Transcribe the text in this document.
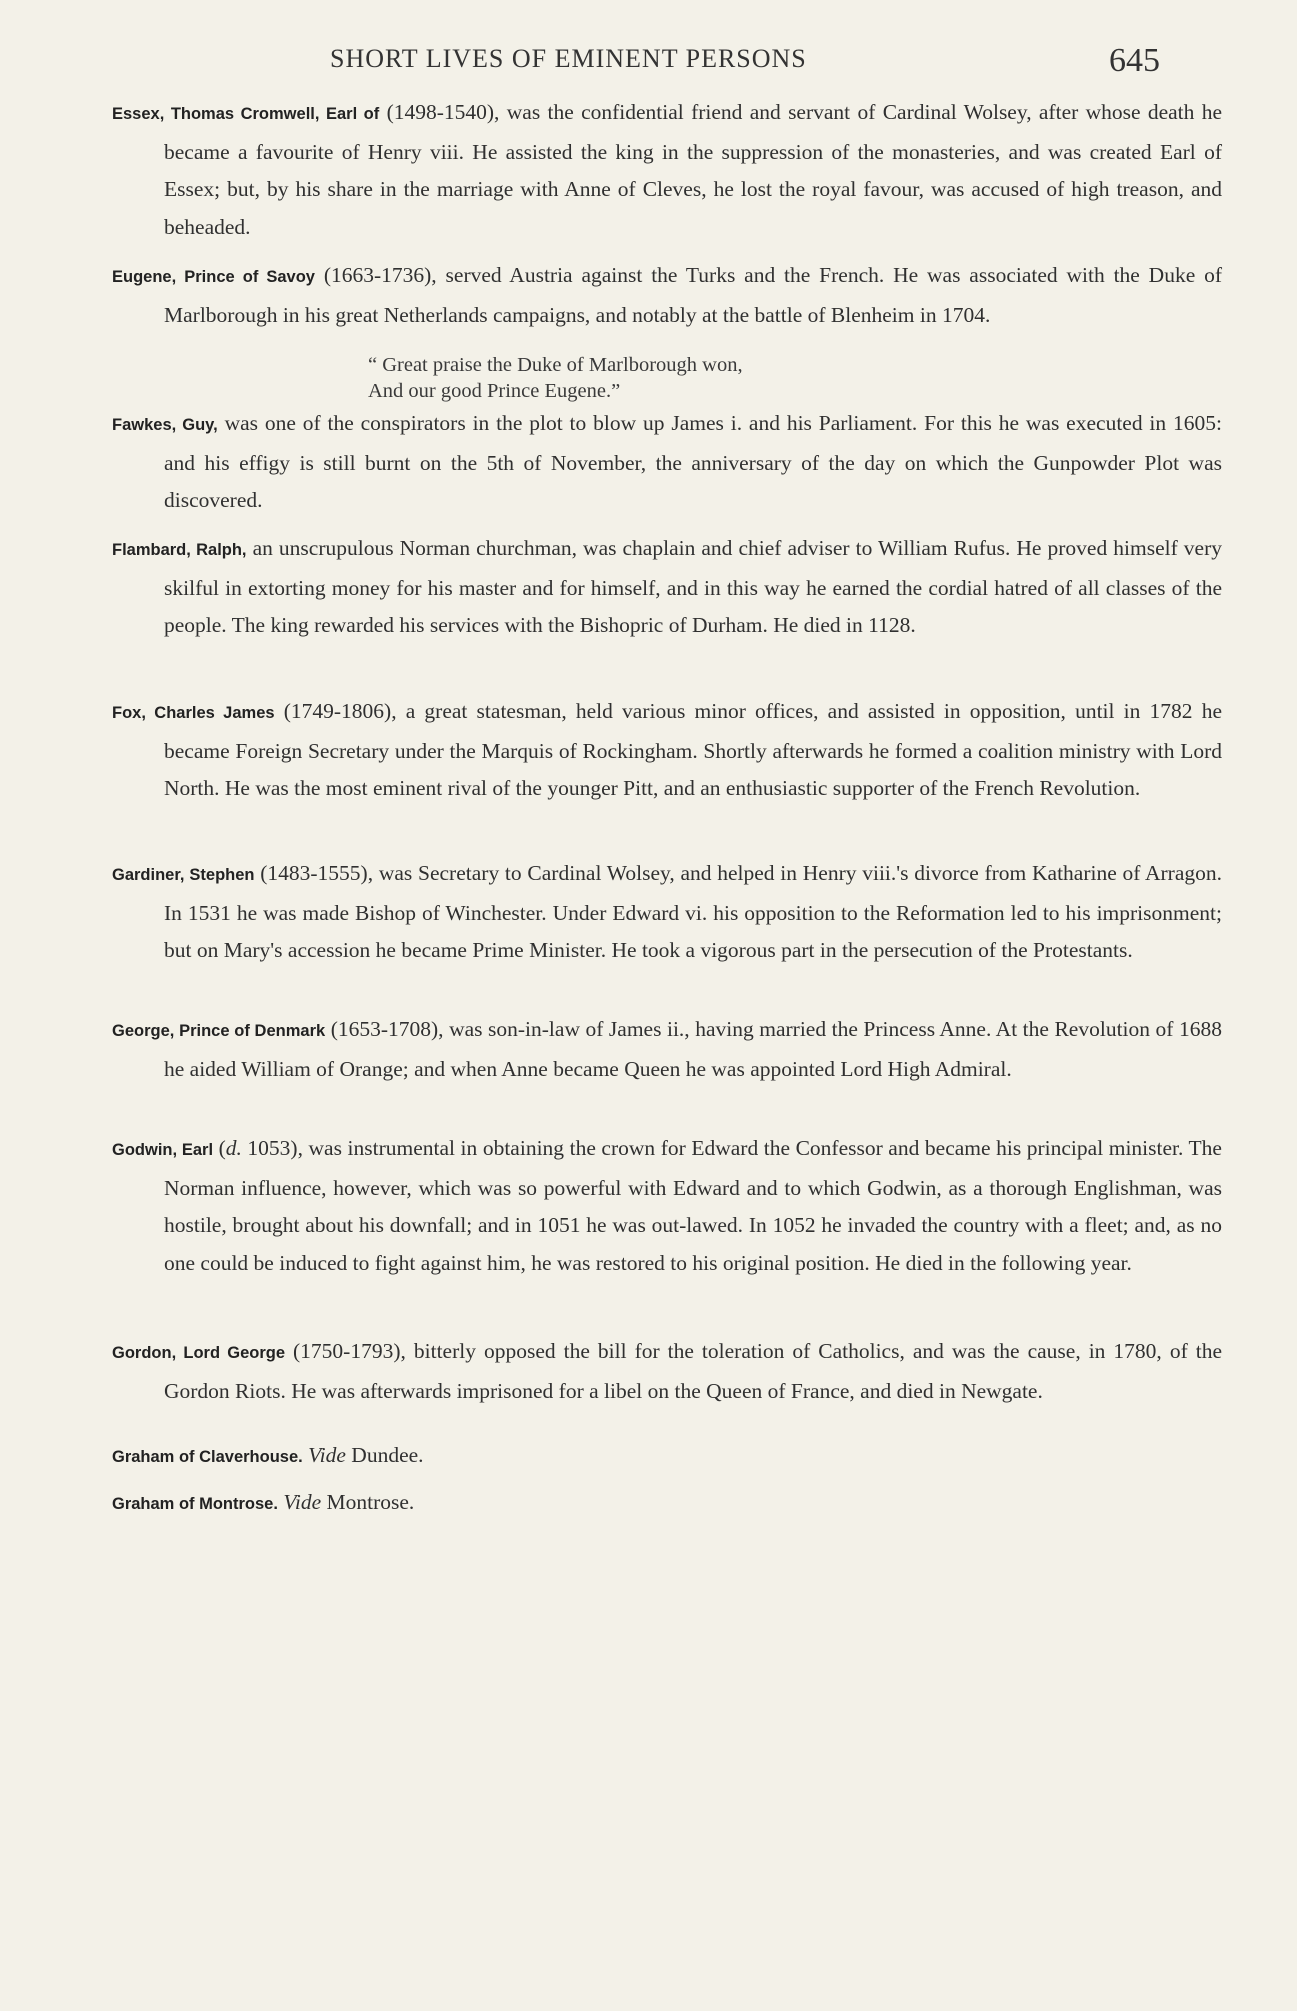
SHORT LIVES OF EMINENT PERSONS	645
Essex, Thomas Cromwell, Earl of (1498-1540), was the confidential friend and servant of Cardinal Wolsey, after whose death he became a favourite of Henry viii. He assisted the king in the suppression of the monasteries, and was created Earl of Essex; but, by his share in the marriage with Anne of Cleves, he lost the royal favour, was accused of high treason, and beheaded.
Eugene, Prince of Savoy (1663-1736), served Austria against the Turks and the French. He was associated with the Duke of Marlborough in his great Netherlands campaigns, and notably at the battle of Blenheim in 1704.
“ Great praise the Duke of Marlborough won,
And our good Prince Eugene.”
Fawkes, Guy, was one of the conspirators in the plot to blow up James i. and his Parliament. For this he was executed in 1605: and his effigy is still burnt on the 5th of November, the anniversary of the day on which the Gunpowder Plot was discovered.
Flambard, Ralph, an unscrupulous Norman churchman, was chaplain and chief adviser to William Rufus. He proved himself very skilful in extorting money for his master and for himself, and in this way he earned the cordial hatred of all classes of the people. The king rewarded his services with the Bishopric of Durham. He died in 1128.
Fox, Charles James (1749-1806), a great statesman, held various minor offices, and assisted in opposition, until in 1782 he became Foreign Secretary under the Marquis of Rockingham. Shortly afterwards he formed a coalition ministry with Lord North. He was the most eminent rival of the younger Pitt, and an enthusiastic supporter of the French Revolution.
Gardiner, Stephen (1483-1555), was Secretary to Cardinal Wolsey, and helped in Henry viii.'s divorce from Katharine of Arragon. In 1531 he was made Bishop of Winchester. Under Edward vi. his opposition to the Reformation led to his imprisonment; but on Mary's accession he became Prime Minister. He took a vigorous part in the persecution of the Protestants.
George, Prince of Denmark (1653-1708), was son-in-law of James ii., having married the Princess Anne. At the Revolution of 1688 he aided William of Orange; and when Anne became Queen he was appointed Lord High Admiral.
Godwin, Earl (d. 1053), was instrumental in obtaining the crown for Edward the Confessor and became his principal minister. The Norman influence, however, which was so powerful with Edward and to which Godwin, as a thorough Englishman, was hostile, brought about his downfall; and in 1051 he was out-lawed. In 1052 he invaded the country with a fleet; and, as no one could be induced to fight against him, he was restored to his original position. He died in the following year.
Gordon, Lord George (1750-1793), bitterly opposed the bill for the toleration of Catholics, and was the cause, in 1780, of the Gordon Riots. He was afterwards imprisoned for a libel on the Queen of France, and died in Newgate.
Graham of Claverhouse. Vide Dundee.
Graham of Montrose. Vide Montrose.
